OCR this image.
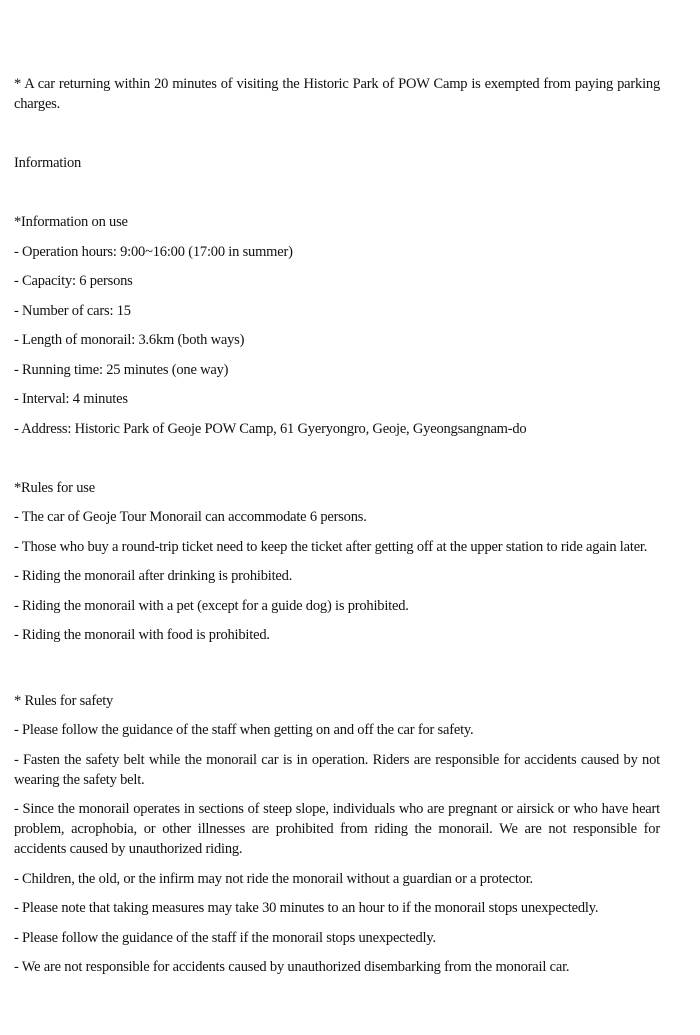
* A car returning within 20 minutes of visiting the Historic Park of POW Camp is exempted from paying parking charges.

Information

*Information on use

- Operation hours: 9:00~16:00 (17:00 in summer)

- Capacity: 6 persons

- Number of cars: 15

- Length of monorail: 3.6km (both ways)

- Running time: 25 minutes (one way)

- Interval: 4 minutes

- Address: Historic Park of Geoje POW Camp, 61 Gyeryongro, Geoje, Gyeongsangnam-do

*Rules for use

- The car of Geoje Tour Monorail can accommodate 6 persons.

- Those who buy a round-trip ticket need to keep the ticket after getting off at the upper station to ride again later.

- Riding the monorail after drinking is prohibited.

- Riding the monorail with a pet (except for a guide dog) is prohibited.

- Riding the monorail with food is prohibited.

* Rules for safety

- Please follow the guidance of the staff when getting on and off the car for safety.

- Fasten the safety belt while the monorail car is in operation. Riders are responsible for accidents caused by not wearing the safety belt.

- Since the monorail operates in sections of steep slope, individuals who are pregnant or airsick or who have heart problem, acrophobia, or other illnesses are prohibited from riding the monorail. We are not responsible for accidents caused by unauthorized riding.

- Children, the old, or the infirm may not ride the monorail without a guardian or a protector.

- Please note that taking measures may take 30 minutes to an hour to if the monorail stops unexpectedly.

- Please follow the guidance of the staff if the monorail stops unexpectedly.

- We are not responsible for accidents caused by unauthorized disembarking from the monorail car.
